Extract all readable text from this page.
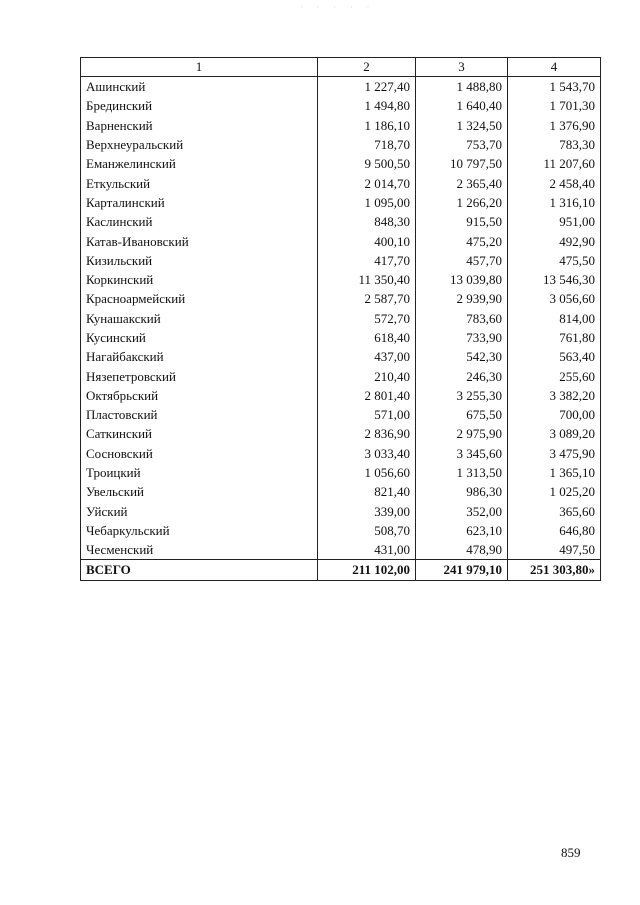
· · · · ·
1	2	3	4
Ашинский	1 227,40	1 488,80	1 543,70
Брединский	1 494,80	1 640,40	1 701,30
Варненский	1 186,10	1 324,50	1 376,90
Верхнеуральский	718,70	753,70	783,30
Еманжелинский	9 500,50	10 797,50	11 207,60
Еткульский	2 014,70	2 365,40	2 458,40
Карталинский	1 095,00	1 266,20	1 316,10
Каслинский	848,30	915,50	951,00
Катав-Ивановский	400,10	475,20	492,90
Кизильский	417,70	457,70	475,50
Коркинский	11 350,40	13 039,80	13 546,30
Красноармейский	2 587,70	2 939,90	3 056,60
Кунашакский	572,70	783,60	814,00
Кусинский	618,40	733,90	761,80
Нагайбакский	437,00	542,30	563,40
Нязепетровский	210,40	246,30	255,60
Октябрьский	2 801,40	3 255,30	3 382,20
Пластовский	571,00	675,50	700,00
Саткинский	2 836,90	2 975,90	3 089,20
Сосновский	3 033,40	3 345,60	3 475,90
Троицкий	1 056,60	1 313,50	1 365,10
Увельский	821,40	986,30	1 025,20
Уйский	339,00	352,00	365,60
Чебаркульский	508,70	623,10	646,80
Чесменский	431,00	478,90	497,50
ВСЕГО	211 102,00	241 979,10	251 303,80»
859
